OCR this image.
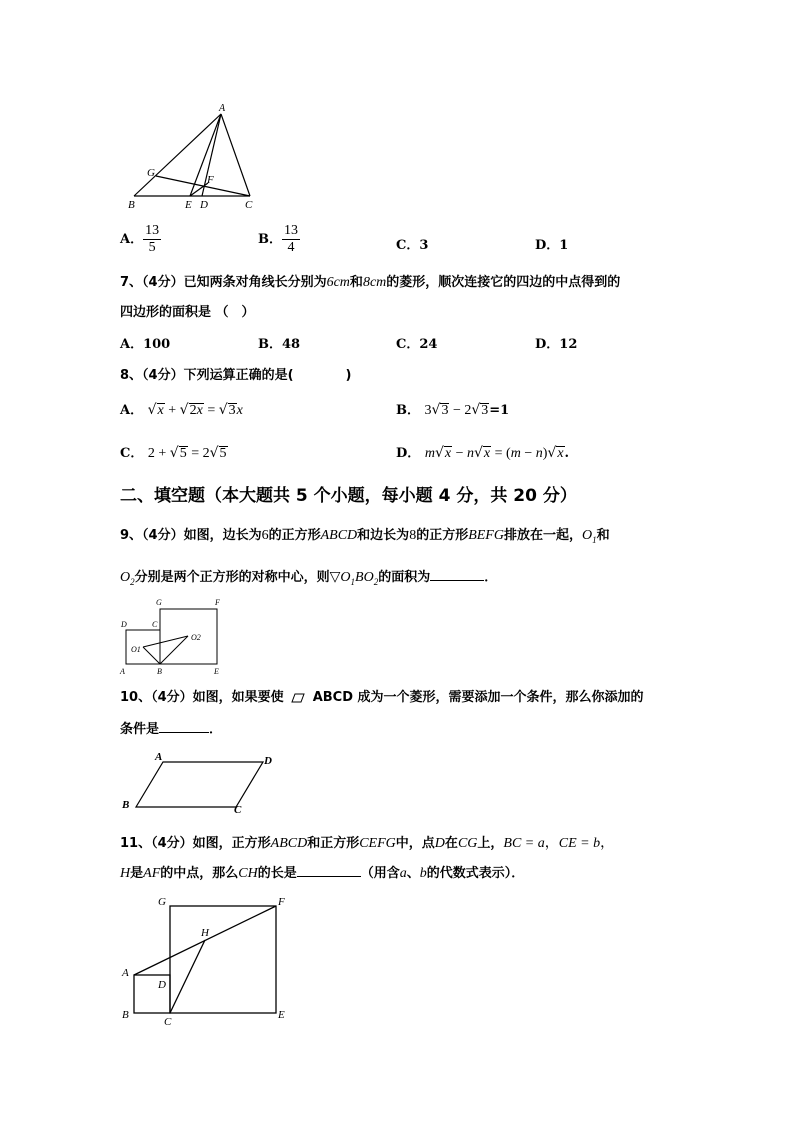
A
G
F
B	E D	C
A． $\frac{13}{5}$	B． $\frac{13}{4}$	C．3	D．1
7、（4分）已知两条对角线长分别为6cm和8cm的菱形，顺次连接它的四边的中点得到的
四边形的面积是 （　）
A．100	B．48	C．24	D．12
8、（4分）下列运算正确的是(　　　　)
A． √x + √2x = √3x	B． 3√3 − 2√3=1
C． 2 + √5 = 2√5	D． m√x − n√x = (m − n)√x.
二、填空题（本大题共 5 个小题，每小题 4 分，共 20 分）
9、（4分）如图，边长为6的正方形ABCD和边长为8的正方形BEFG排放在一起，$O_1$和
$O_2$分别是两个正方形的对称中心，则$▽O_1BO_2$的面积为	．
G	F
D	C
O1
O2
A	B	E
10、（4分）如图，如果要使 ABCD 成为一个菱形，需要添加一个条件，那么你添加的
条件是	．
A	D
B	C
11、（4分）如图，正方形ABCD和正方形CEFG中，点D在CG上，BC = a，CE = b，
H是AF的中点，那么CH的长是	（用含a、b的代数式表示）．
G	F
H
A
D
B
C
E
